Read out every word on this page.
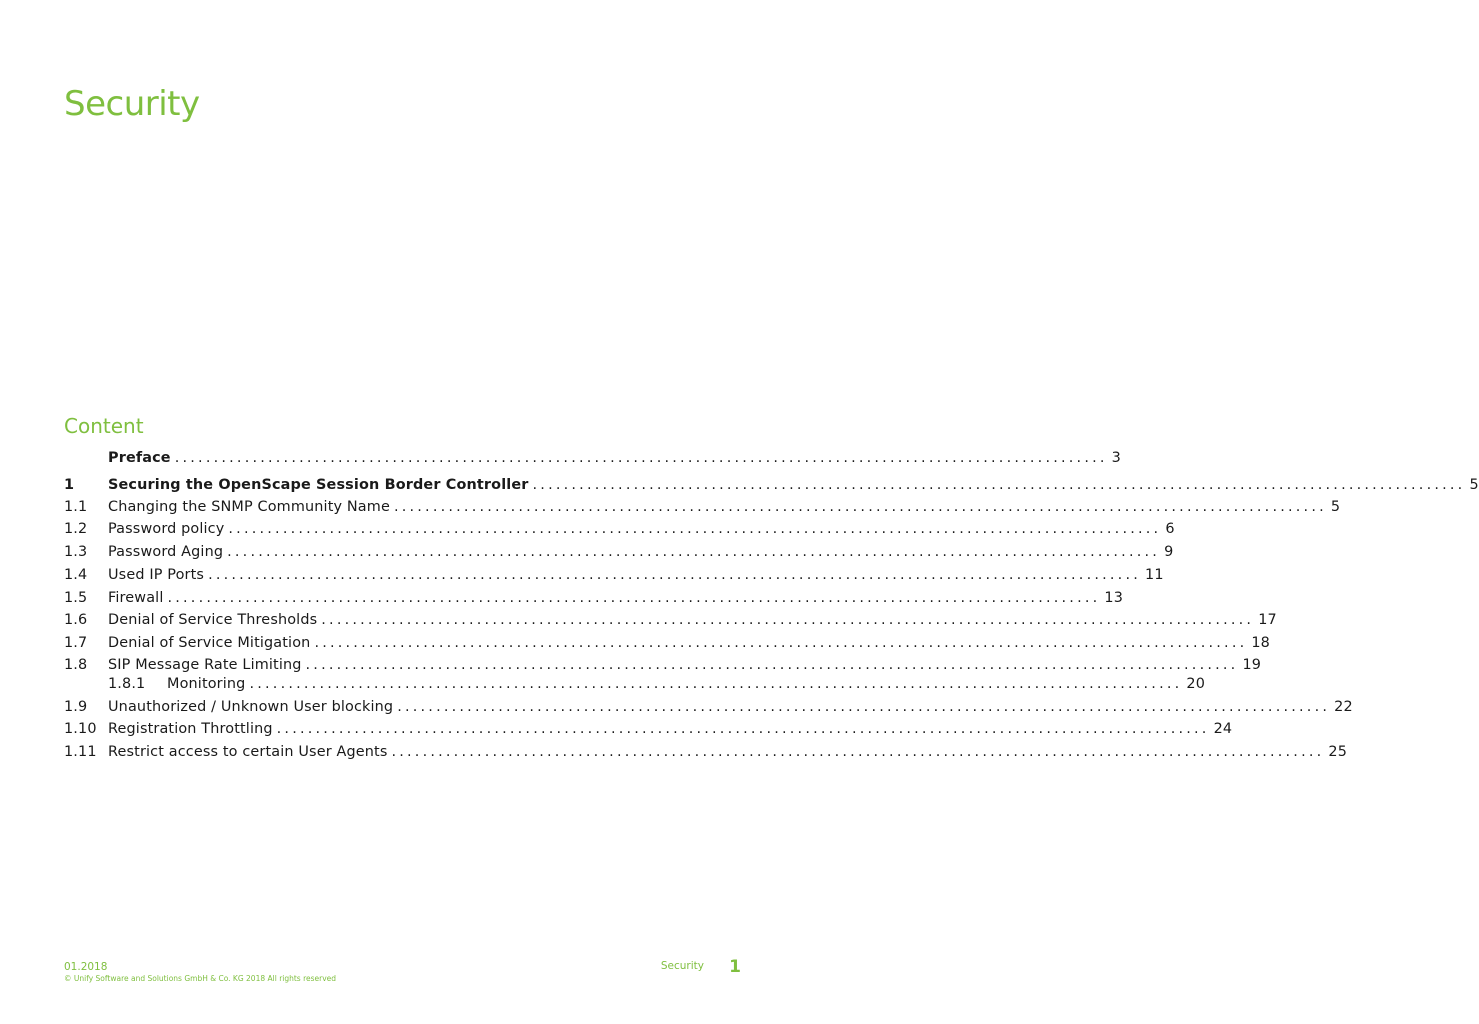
Security
Content
Preface ........................................................................................................................ 3
1 Securing the OpenScape Session Border Controller ........................................................................................................................ 5
1.1 Changing the SNMP Community Name ........................................................................................................................ 5
1.2 Password policy ........................................................................................................................ 6
1.3 Password Aging ........................................................................................................................ 9
1.4 Used IP Ports ........................................................................................................................ 11
1.5 Firewall ........................................................................................................................ 13
1.6 Denial of Service Thresholds ........................................................................................................................ 17
1.7 Denial of Service Mitigation ........................................................................................................................ 18
1.8 SIP Message Rate Limiting ........................................................................................................................ 19
1.8.1	Monitoring ........................................................................................................................ 20
1.9 Unauthorized / Unknown User blocking ........................................................................................................................ 22
1.10 Registration Throttling ........................................................................................................................ 24
1.11 Restrict access to certain User Agents ........................................................................................................................ 25
01.2018
© Unify Software and Solutions GmbH & Co. KG 2018 All rights reserved
Security	1
